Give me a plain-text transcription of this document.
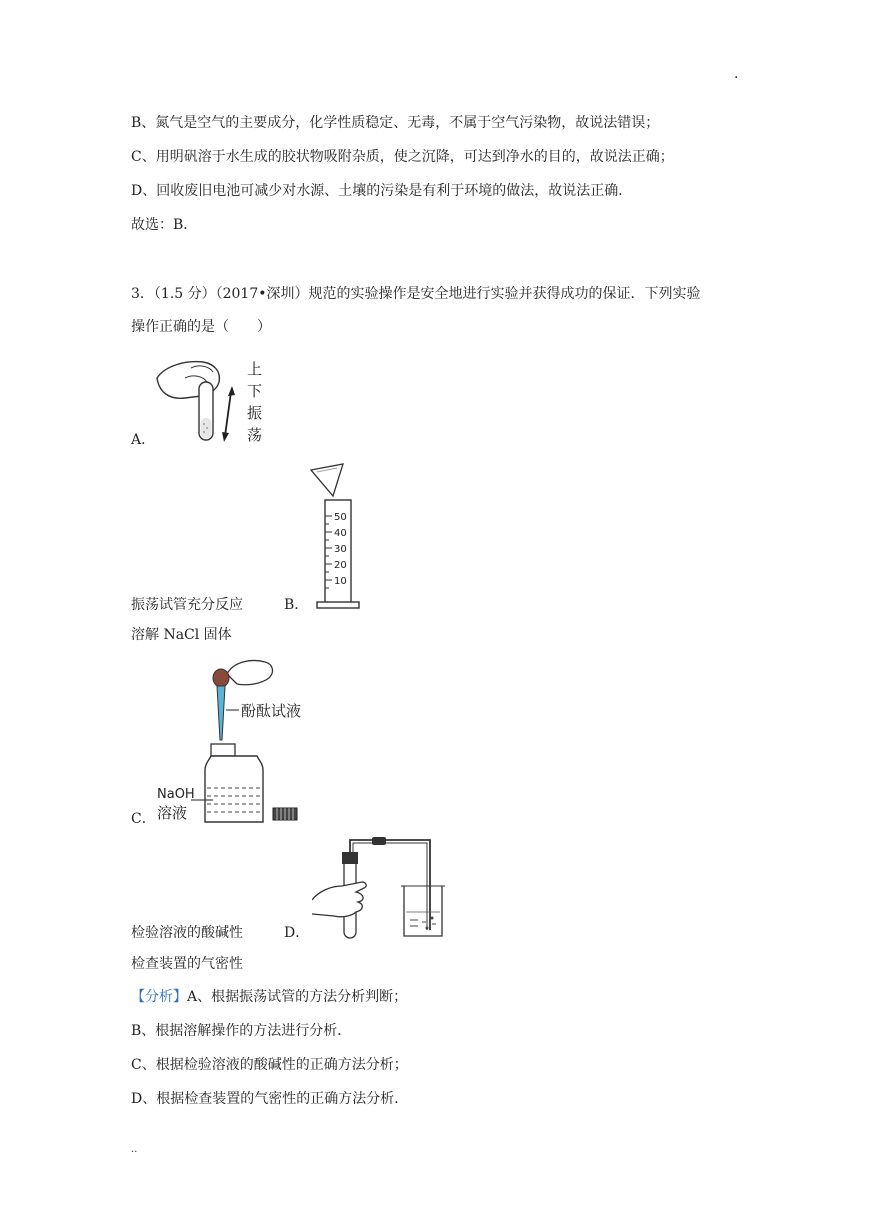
.
B、氮气是空气的主要成分，化学性质稳定、无毒，不属于空气污染物，故说法错误；
C、用明矾溶于水生成的胶状物吸附杂质，使之沉降，可达到净水的目的，故说法正确；
D、回收废旧电池可减少对水源、土壤的污染是有利于环境的做法，故说法正确．
故选：B．
3．（1.5 分）（2017•深圳）规范的实验操作是安全地进行实验并获得成功的保证．下列实验
操作正确的是（　　）
上
下
振
荡
A．
50
40
30
20
10
振荡试管充分反应	B．
溶解 NaCl 固体
酚酞试液
NaOH
溶液
C．
检验溶液的酸碱性	D．
检查装置的气密性
【分析】A、根据振荡试管的方法分析判断；
B、根据溶解操作的方法进行分析．
C、根据检验溶液的酸碱性的正确方法分析；
D、根据检查装置的气密性的正确方法分析．
..
